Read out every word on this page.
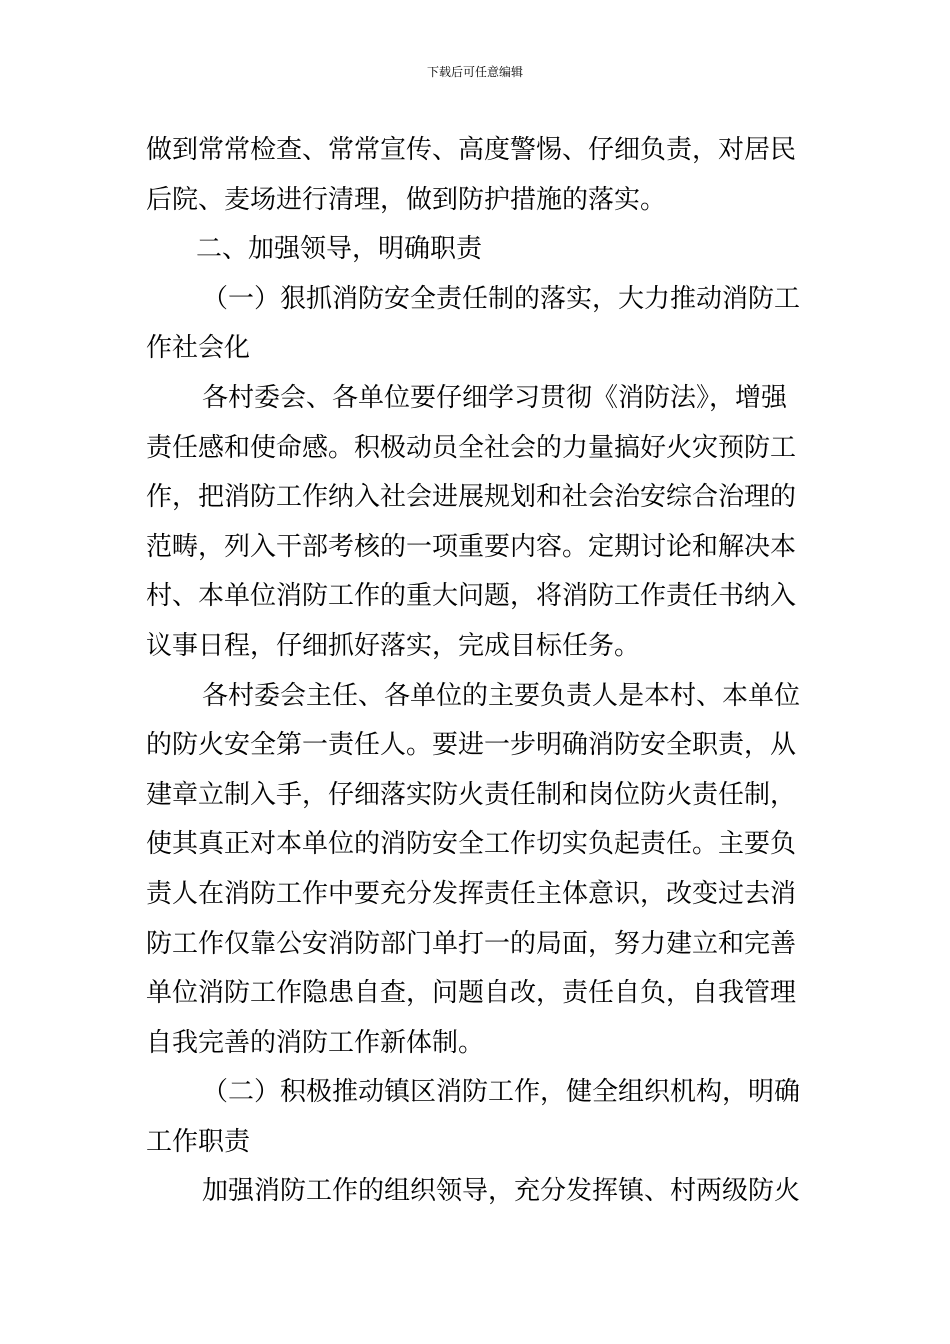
下载后可任意编辑
做到常常检查、常常宣传、高度警惕、仔细负责，对居民
后院、麦场进行清理，做到防护措施的落实。
二、加强领导，明确职责
（一）狠抓消防安全责任制的落实，大力推动消防工
作社会化
各村委会、各单位要仔细学习贯彻《消防法》，增强
责任感和使命感。积极动员全社会的力量搞好火灾预防工
作，把消防工作纳入社会进展规划和社会治安综合治理的
范畴，列入干部考核的一项重要内容。定期讨论和解决本
村、本单位消防工作的重大问题，将消防工作责任书纳入
议事日程，仔细抓好落实，完成目标任务。
各村委会主任、各单位的主要负责人是本村、本单位
的防火安全第一责任人。要进一步明确消防安全职责，从
建章立制入手，仔细落实防火责任制和岗位防火责任制，
使其真正对本单位的消防安全工作切实负起责任。主要负
责人在消防工作中要充分发挥责任主体意识，改变过去消
防工作仅靠公安消防部门单打一的局面，努力建立和完善
单位消防工作隐患自查，问题自改，责任自负，自我管理
自我完善的消防工作新体制。
（二）积极推动镇区消防工作，健全组织机构，明确
工作职责
加强消防工作的组织领导，充分发挥镇、村两级防火
